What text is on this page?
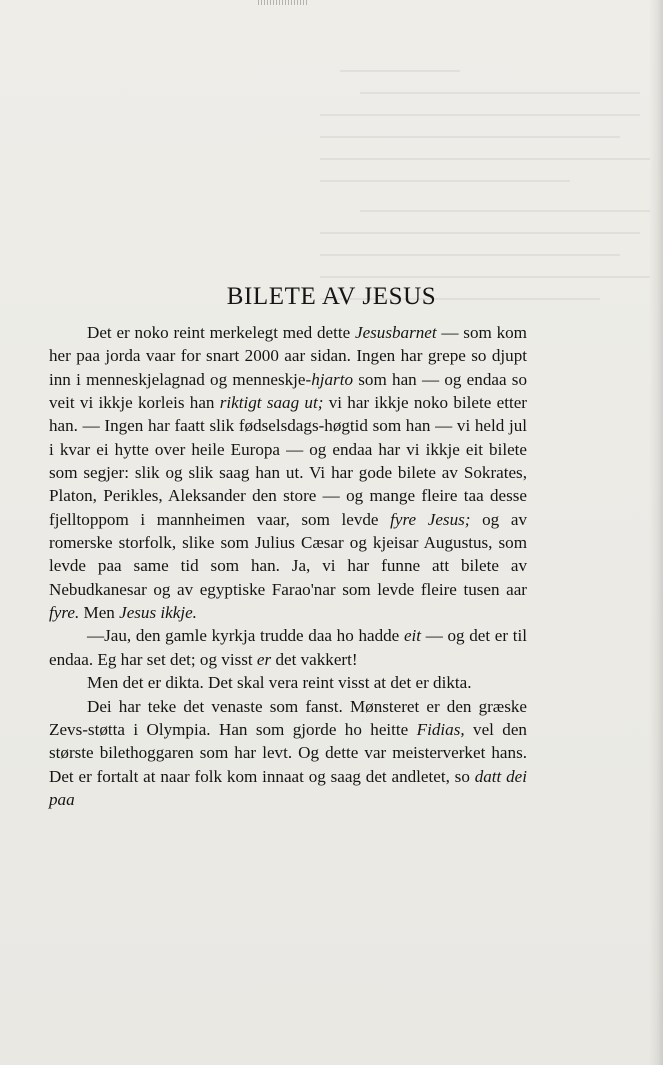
BILETE AV JESUS

Det er noko reint merkelegt med dette Jesusbarnet — som kom her paa jorda vaar for snart 2000 aar sidan. Ingen har grepe so djupt inn i menneskjelagnad og menneskje-hjarto som han — og endaa so veit vi ikkje korleis han riktigt saag ut; vi har ikkje noko bilete etter han. — Ingen har faatt slik fødselsdags-høgtid som han — vi held jul i kvar ei hytte over heile Europa — og endaa har vi ikkje eit bilete som segjer: slik og slik saag han ut. Vi har gode bilete av Sokrates, Platon, Perikles, Aleksander den store — og mange fleire taa desse fjelltoppom i mannheimen vaar, som levde fyre Jesus; og av romerske storfolk, slike som Julius Cæsar og kjeisar Augustus, som levde paa same tid som han. Ja, vi har funne att bilete av Nebudkanesar og av egyptiske Farao'nar som levde fleire tusen aar fyre. Men Jesus ikkje.

—Jau, den gamle kyrkja trudde daa ho hadde eit — og det er til endaa. Eg har set det; og visst er det vakkert!

Men det er dikta. Det skal vera reint visst at det er dikta.

Dei har teke det venaste som fanst. Mønsteret er den græske Zevs-støtta i Olympia. Han som gjorde ho heitte Fidias, vel den største bilethoggaren som har levt. Og dette var meisterverket hans. Det er fortalt at naar folk kom innaat og saag det andletet, so datt dei paa
